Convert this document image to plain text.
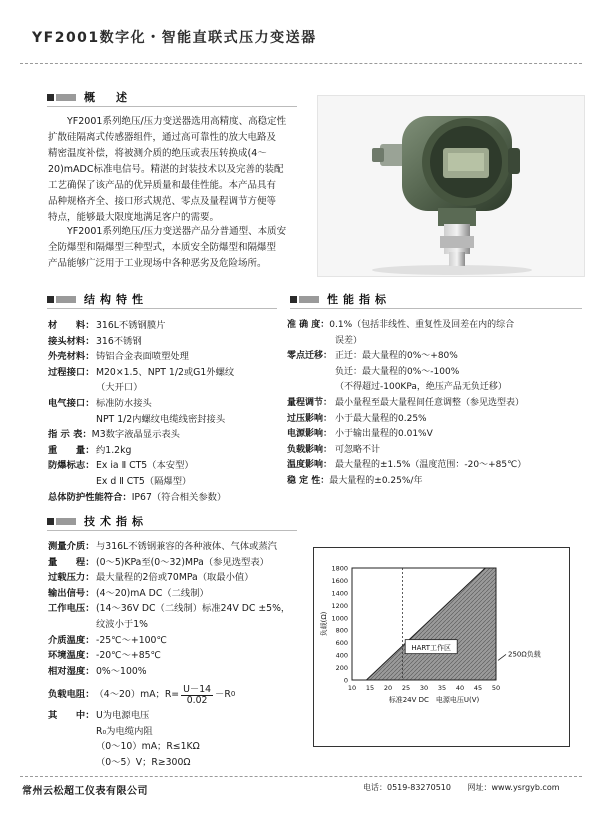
YF2001数字化・智能直联式压力变送器
概　述
YF2001系列绝压/压力变送器选用高精度、高稳定性
扩散硅隔离式传感器组件，通过高可靠性的放大电路及
精密温度补偿，将被测介质的绝压或表压转换成(4～
20)mADC标准电信号。精湛的封装技术以及完善的装配
工艺确保了该产品的优异质量和最佳性能。本产品具有
品种规格齐全、接口形式规范、零点及量程调节方便等
特点，能够最大限度地满足客户的需要。
YF2001系列绝压/压力变送器产品分普通型、本质安
全防爆型和隔爆型三种型式，本质安全防爆型和隔爆型
产品能够广泛用于工业现场中各种恶劣及危险场所。
结构特性
材　　料： 316L不锈钢膜片
接头材料： 316不锈钢
外壳材料： 铸铝合金表面喷塑处理
过程接口： M20×1.5、NPT 1/2或G1外螺纹
（大开口）
电气接口： 标准防水接头
NPT 1/2内螺纹电缆线密封接头
指 示 表： M3数字液晶显示表头
重　　量： 约1.2kg
防爆标志： Ex ia Ⅱ CT5（本安型）
Ex d Ⅱ CT5（隔爆型）
总体防护性能符合： IP67（符合相关参数）
性能指标
准 确 度： 0.1%（包括非线性、重复性及回差在内的综合
误差）
零点迁移： 正迁：最大量程的0%～+80%
负迁：最大量程的0%～-100%
（不得超过-100KPa，绝压产品无负迁移）
量程调节： 最小量程至最大量程间任意调整（参见选型表）
过压影响： 小于最大量程的0.25%
电源影响： 小于输出量程的0.01%V
负载影响： 可忽略不计
温度影响： 最大量程的±1.5%（温度范围：-20～+85℃）
稳 定 性： 最大量程的±0.25%/年
技术指标
测量介质： 与316L不锈钢兼容的各种液体、气体或蒸汽
量　　程： (0～5)KPa至(0～32)MPa（参见选型表）
过载压力： 最大量程的2倍或70MPa（取最小值）
输出信号： (4～20)mA DC（二线制）
工作电压： (14～36V DC（二线制）标准24V DC ±5%，
纹波小于1%
介质温度： -25℃～+100℃
环境温度： -20℃～+85℃
相对湿度： 0%～100%
负载电阻： （4～20）mA；$R= \frac{U-14}{0.02} -R$ 0
其　　中： U为电源电压
R₀为电缆内阻
（0～10）mA；R≤1KΩ
（0～5）V；R≥300Ω
HART工作区
250Ω负载
0
200
400
600
800
1000
1200
1400
1600
1800
10 15 20 25 30 35 40 45 50
标准24V DC　电源电压U(V)
负载(Ω)
常州云松超工仪表有限公司	电话：0519-83270510 网址：www.ysrgyb.com
